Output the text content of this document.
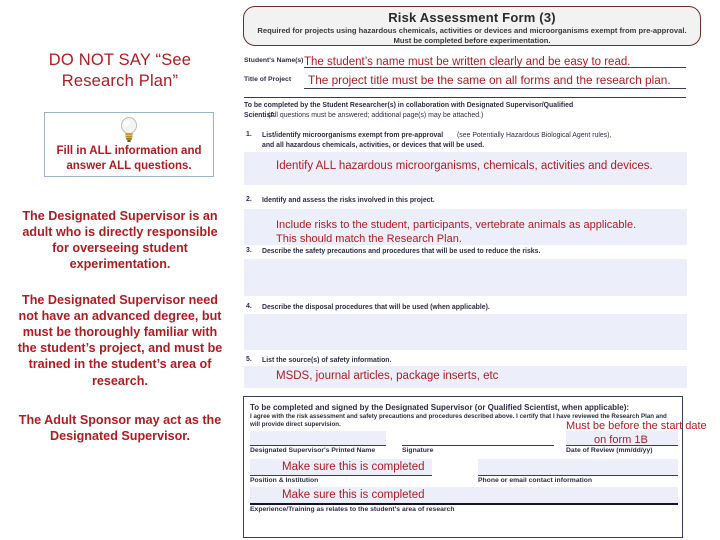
DO NOT SAY “See Research Plan”
Fill in ALL information and answer ALL questions.
The Designated Supervisor is an adult who is directly responsible for overseeing student experimentation.
The Designated Supervisor need not have an advanced degree, but must be thoroughly familiar with the student’s project, and must be trained in the student’s area of research.
The Adult Sponsor may act as the Designated Supervisor.
Risk Assessment Form (3)
Required for projects using hazardous chemicals, activities or devices and microorganisms exempt from pre-approval. Must be completed before experimentation.
Student's Name(s) The student’s name must be written clearly and be easy to read.
Title of Project The project title must be the same on all forms and the research plan.
To be completed by the Student Researcher(s) in collaboration with Designated Supervisor/Qualified
Scientist:
(All questions must be answered; additional page(s) may be attached.)
1. List/identify microorganisms exempt from pre-approval (see Potentially Hazardous Biological Agent rules),
and all hazardous chemicals, activities, or devices that will be used.
Identify ALL hazardous microorganisms, chemicals, activities and devices.
2. Identify and assess the risks involved in this project.
Include risks to the student, participants, vertebrate animals as applicable.
This should match the Research Plan.
3. Describe the safety precautions and procedures that will be used to reduce the risks.
4. Describe the disposal procedures that will be used (when applicable).
5. List the source(s) of safety information.
MSDS, journal articles, package inserts, etc
To be completed and signed by the Designated Supervisor (or Qualified Scientist, when applicable):
I agree with the risk assessment and safety precautions and procedures described above. I certify that I have reviewed the Research Plan and will provide direct supervision.
Designated Supervisor's Printed Name	Signature	Date of Review (mm/dd/yy)
Position & Institution	Phone or email contact information
Experience/Training as relates to the student's area of research
Must be before the start date
on form 1B
Make sure this is completed
Make sure this is completed
